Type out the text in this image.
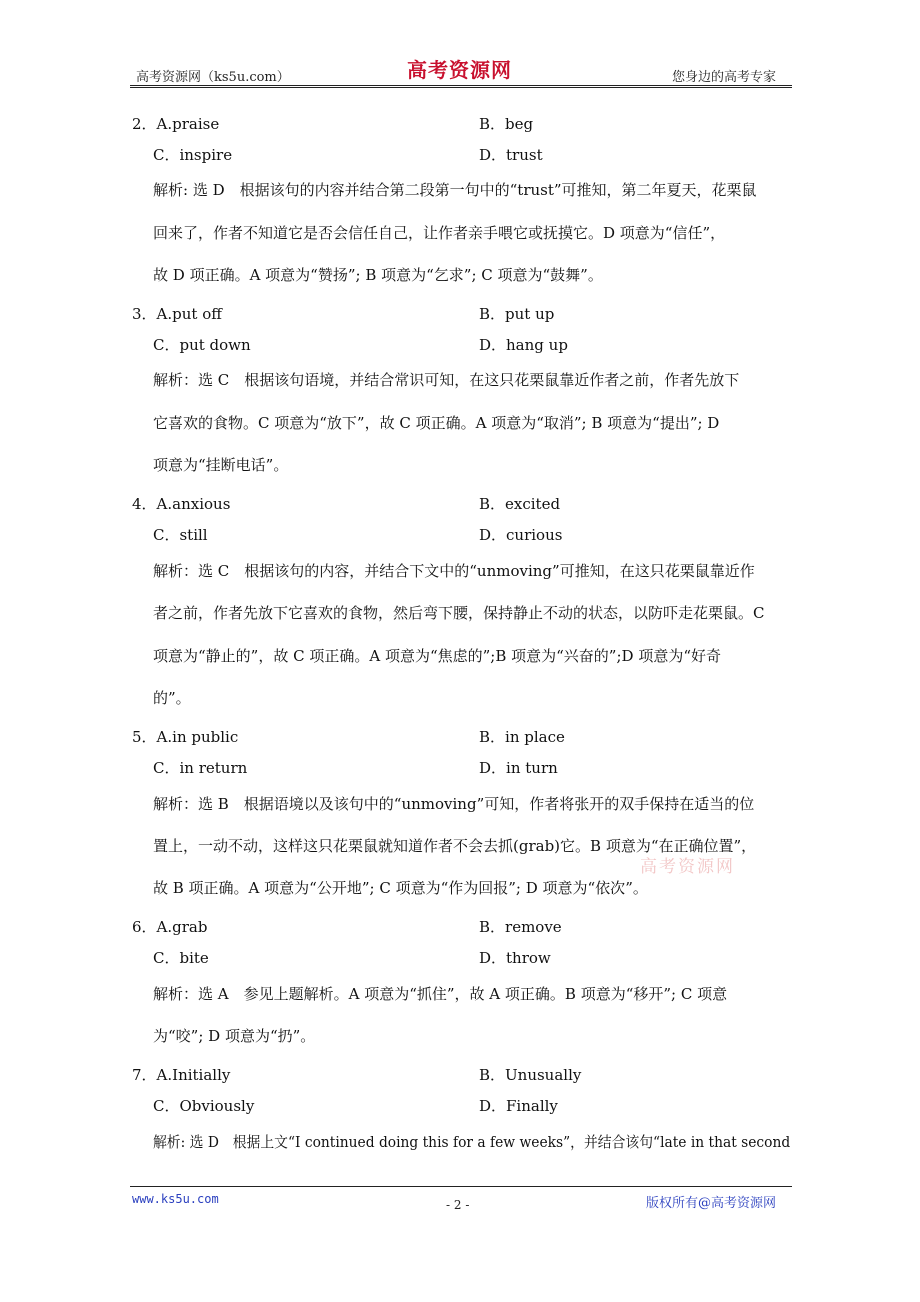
高考资源网（ks5u.com）	高考资源网	您身边的高考专家
2．A.praise	B．beg
C．inspire	D．trust
解析: 选 D　根据该句的内容并结合第二段第一句中的“trust”可推知，第二年夏天，花栗鼠
回来了，作者不知道它是否会信任自己，让作者亲手喂它或抚摸它。D 项意为“信任”，
故 D 项正确。A 项意为“赞扬”; B 项意为“乞求”; C 项意为“鼓舞”。
3．A.put off	B．put up
C．put down	D．hang up
解析：选 C　根据该句语境，并结合常识可知，在这只花栗鼠靠近作者之前，作者先放下
它喜欢的食物。C 项意为“放下”，故 C 项正确。A 项意为“取消”; B 项意为“提出”; D
项意为“挂断电话”。
4．A.anxious	B．excited
C．still	D．curious
解析：选 C　根据该句的内容，并结合下文中的“unmoving”可推知，在这只花栗鼠靠近作
者之前，作者先放下它喜欢的食物，然后弯下腰，保持静止不动的状态，以防吓走花栗鼠。C
项意为“静止的”，故 C 项正确。A 项意为“焦虑的”;B 项意为“兴奋的”;D 项意为“好奇
的”。
5．A.in public	B．in place
C．in return	D．in turn
解析：选 B　根据语境以及该句中的“unmoving”可知，作者将张开的双手保持在适当的位
置上，一动不动，这样这只花栗鼠就知道作者不会去抓(grab)它。B 项意为“在正确位置”，
故 B 项正确。A 项意为“公开地”; C 项意为“作为回报”; D 项意为“依次”。
6．A.grab	B．remove
C．bite	D．throw
解析：选 A　参见上题解析。A 项意为“抓住”，故 A 项正确。B 项意为“移开”; C 项意
为“咬”; D 项意为“扔”。
7．A.Initially	B．Unusually
C．Obviously	D．Finally
解析: 选 D　根据上文“I continued doing this for a few weeks”，并结合该句“late in that second
高考资源网
www.ks5u.com	- 2 -	版权所有@高考资源网
